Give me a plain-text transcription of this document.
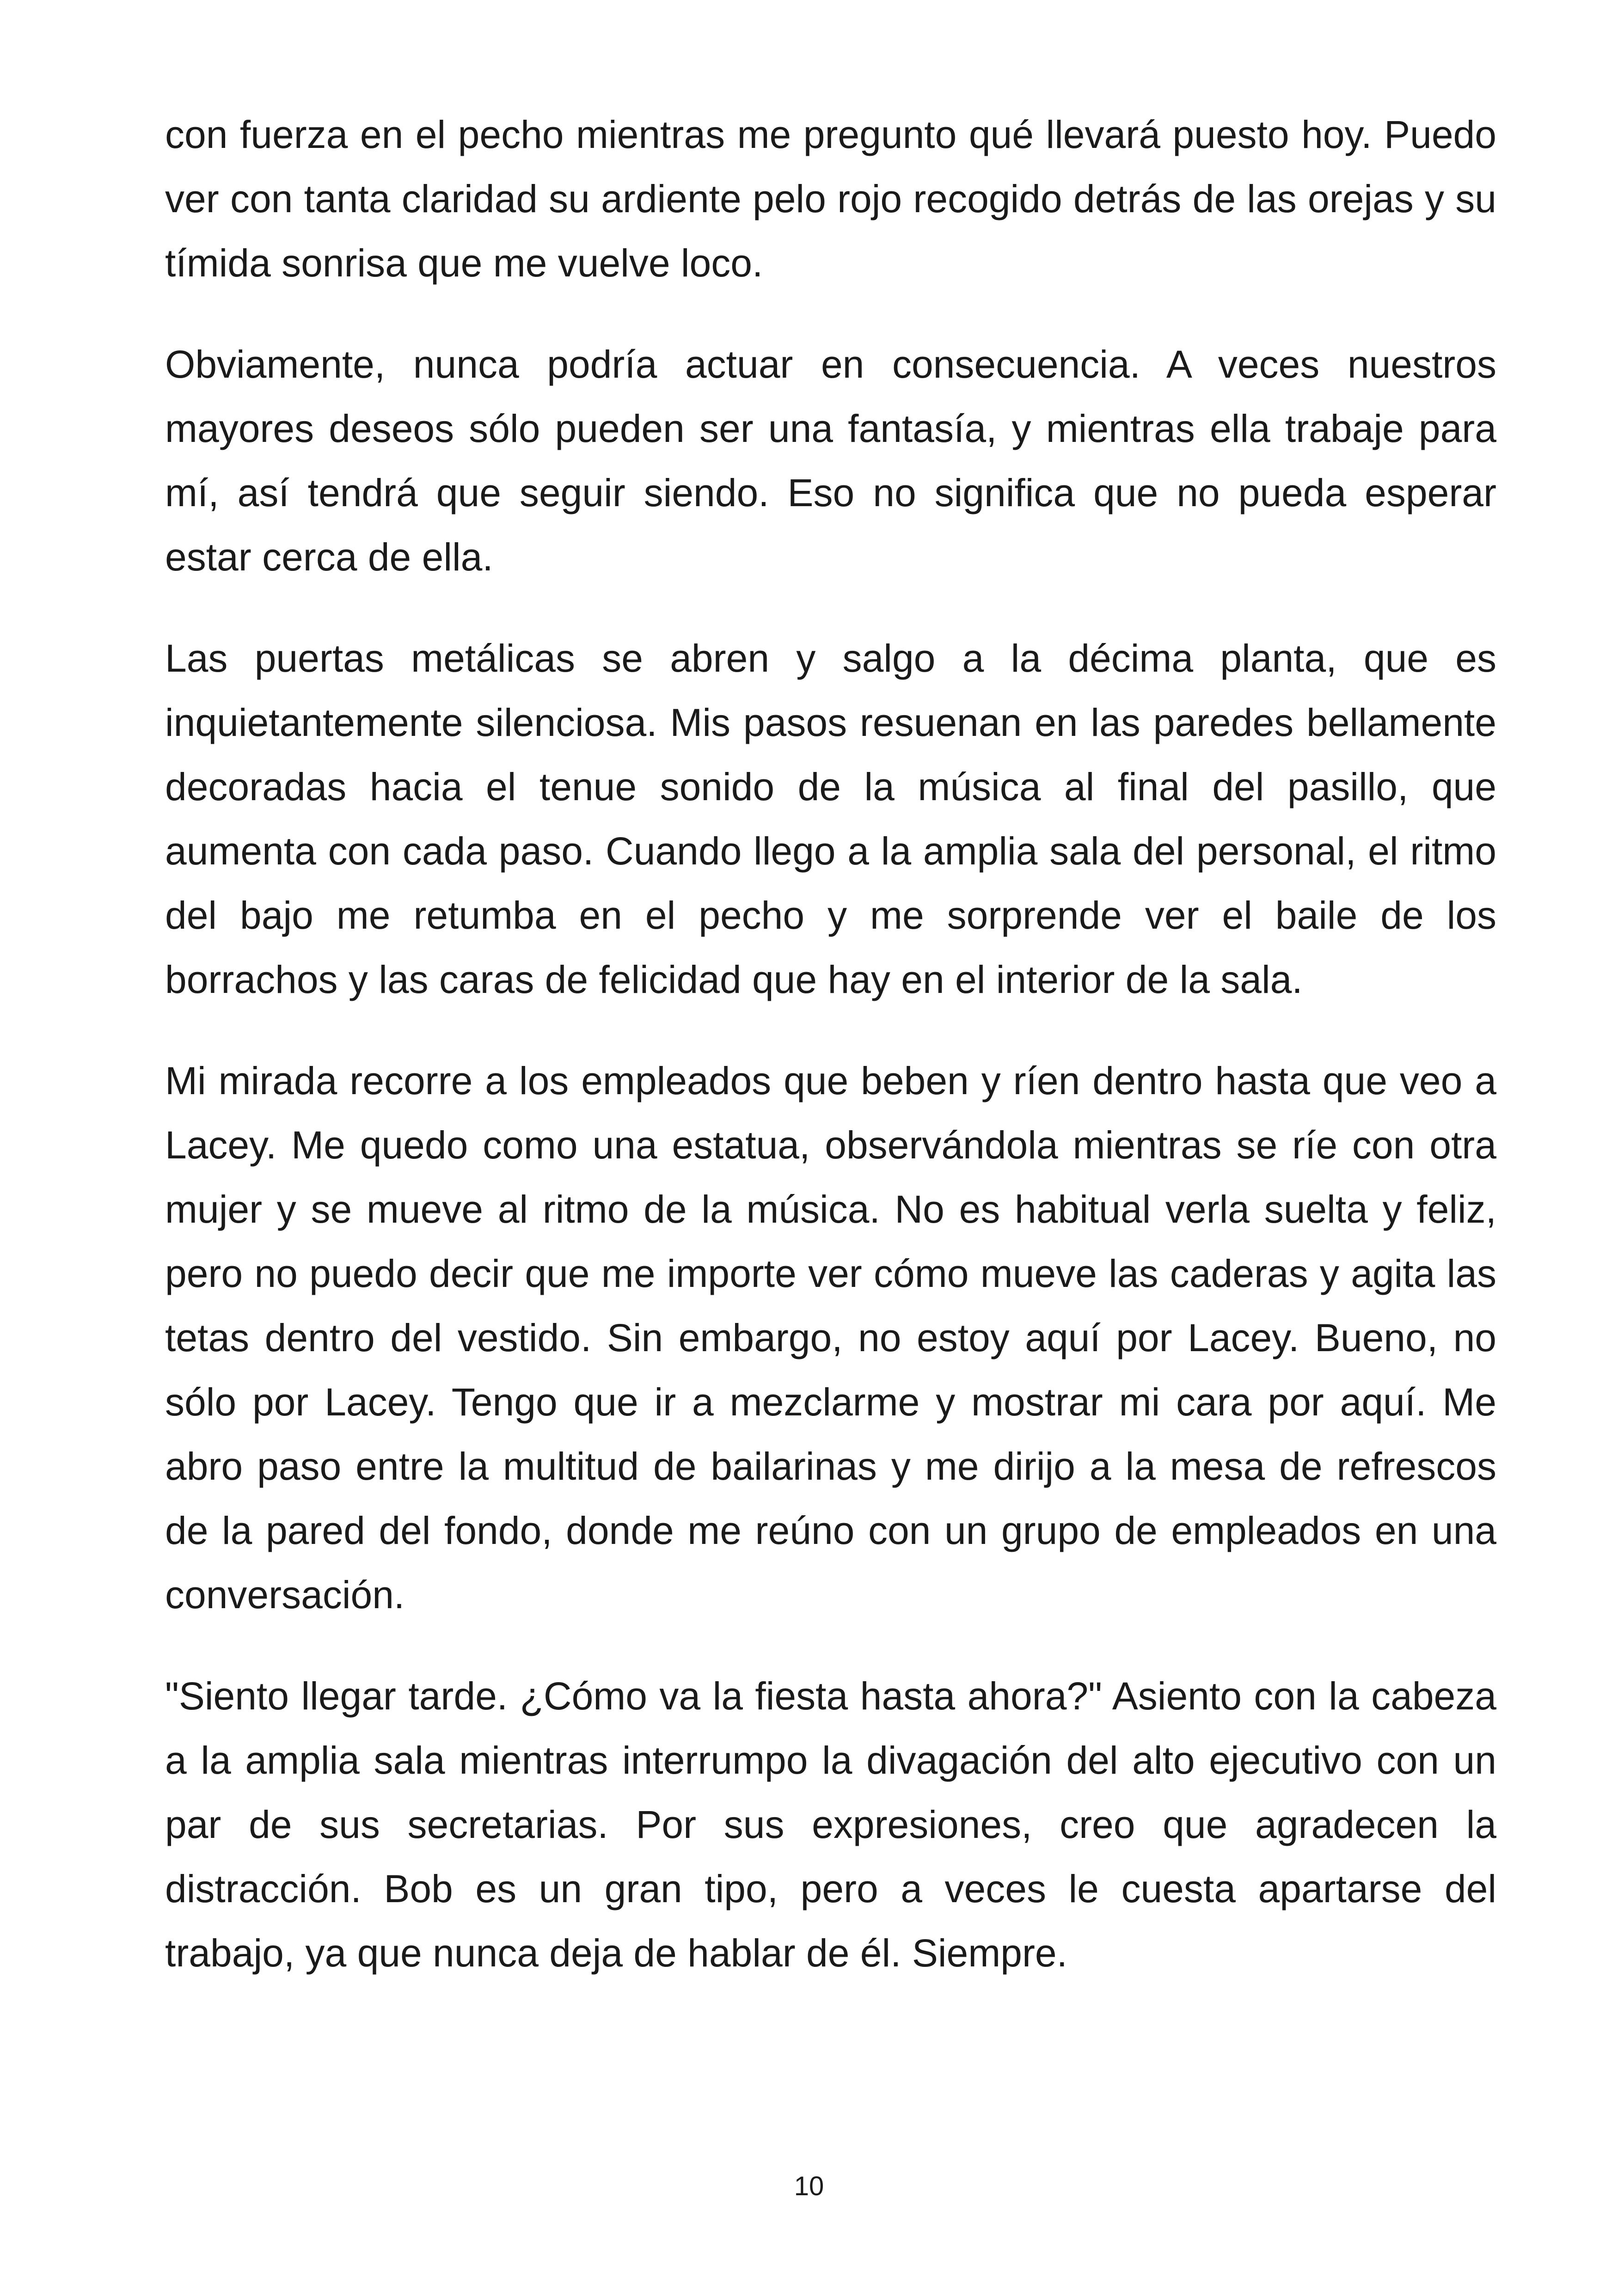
con fuerza en el pecho mientras me pregunto qué llevará puesto hoy. Puedo ver con tanta claridad su ardiente pelo rojo recogido detrás de las orejas y su tímida sonrisa que me vuelve loco.

Obviamente, nunca podría actuar en consecuencia. A veces nuestros mayores deseos sólo pueden ser una fantasía, y mientras ella trabaje para mí, así tendrá que seguir siendo. Eso no significa que no pueda esperar estar cerca de ella.

Las puertas metálicas se abren y salgo a la décima planta, que es inquietantemente silenciosa. Mis pasos resuenan en las paredes bellamente decoradas hacia el tenue sonido de la música al final del pasillo, que aumenta con cada paso. Cuando llego a la amplia sala del personal, el ritmo del bajo me retumba en el pecho y me sorprende ver el baile de los borrachos y las caras de felicidad que hay en el interior de la sala.

Mi mirada recorre a los empleados que beben y ríen dentro hasta que veo a Lacey. Me quedo como una estatua, observándola mientras se ríe con otra mujer y se mueve al ritmo de la música. No es habitual verla suelta y feliz, pero no puedo decir que me importe ver cómo mueve las caderas y agita las tetas dentro del vestido. Sin embargo, no estoy aquí por Lacey. Bueno, no sólo por Lacey. Tengo que ir a mezclarme y mostrar mi cara por aquí. Me abro paso entre la multitud de bailarinas y me dirijo a la mesa de refrescos de la pared del fondo, donde me reúno con un grupo de empleados en una conversación.

"Siento llegar tarde. ¿Cómo va la fiesta hasta ahora?" Asiento con la cabeza a la amplia sala mientras interrumpo la divagación del alto ejecutivo con un par de sus secretarias. Por sus expresiones, creo que agradecen la distracción. Bob es un gran tipo, pero a veces le cuesta apartarse del trabajo, ya que nunca deja de hablar de él. Siempre.

10
